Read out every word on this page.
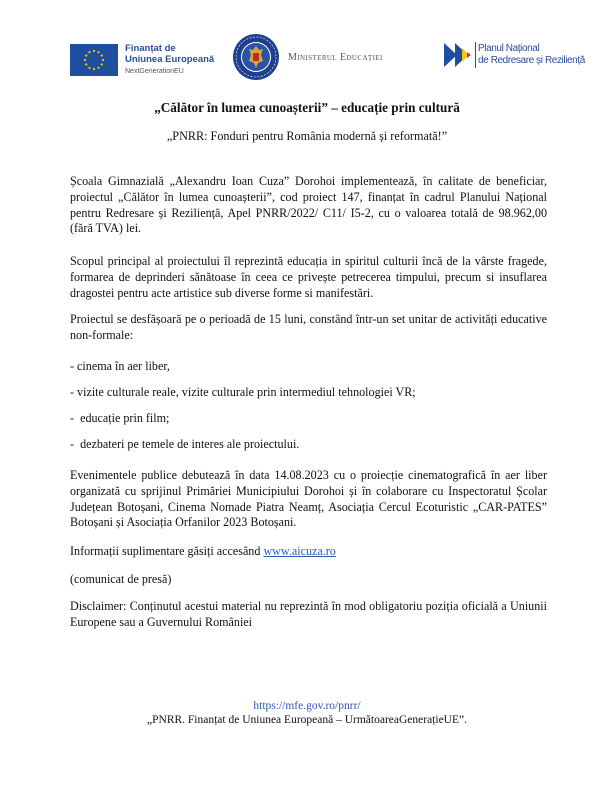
Finanțat de
Uniunea Europeană
NextGenerationEU
Ministerul Educației
Planul Național
de Redresare și Reziliență
„Călător în lumea cunoașterii” – educație prin cultură
„PNRR: Fonduri pentru România modernă și reformată!”

Școala Gimnazială „Alexandru Ioan Cuza” Dorohoi implementează, în calitate de beneficiar, proiectul „Călător în lumea cunoașterii”, cod proiect 147, finanțat în cadrul Planului Național pentru Redresare și Reziliență, Apel PNRR/2022/ C11/ I5-2, cu o valoarea totală de 98.962,00 (fără TVA) lei.

Scopul principal al proiectului îl reprezintă educația in spiritul culturii încă de la vârste fragede, formarea de deprinderi sănătoase în ceea ce privește petrecerea timpului, precum si insuflarea dragostei pentru acte artistice sub diverse forme si manifestări.

Proiectul se desfășoară pe o perioadă de 15 luni, constând într-un set unitar de activități educative non-formale:

- cinema în aer liber,
- vizite culturale reale, vizite culturale prin intermediul tehnologiei VR;
-  educație prin film;
-  dezbateri pe temele de interes ale proiectului.

Evenimentele publice debutează în data 14.08.2023 cu o proiecție cinematografică în aer liber organizată cu sprijinul Primăriei Municipiului Dorohoi și în colaborare cu Inspectoratul Școlar Județean Botoșani, Cinema Nomade Piatra Neamț, Asociația Cercul Ecoturistic „CAR-PATES” Botoșani și Asociația Orfanilor 2023 Botoșani.

Informații suplimentare găsiți accesând www.aicuza.ro

(comunicat de presă)

Disclaimer: Conținutul acestui material nu reprezintă în mod obligatoriu poziția oficială a Uniunii Europene sau a Guvernului României

https://mfe.gov.ro/pnrr/
„PNRR. Finanțat de Uniunea Europeană – UrmătoareaGenerațieUE”.
